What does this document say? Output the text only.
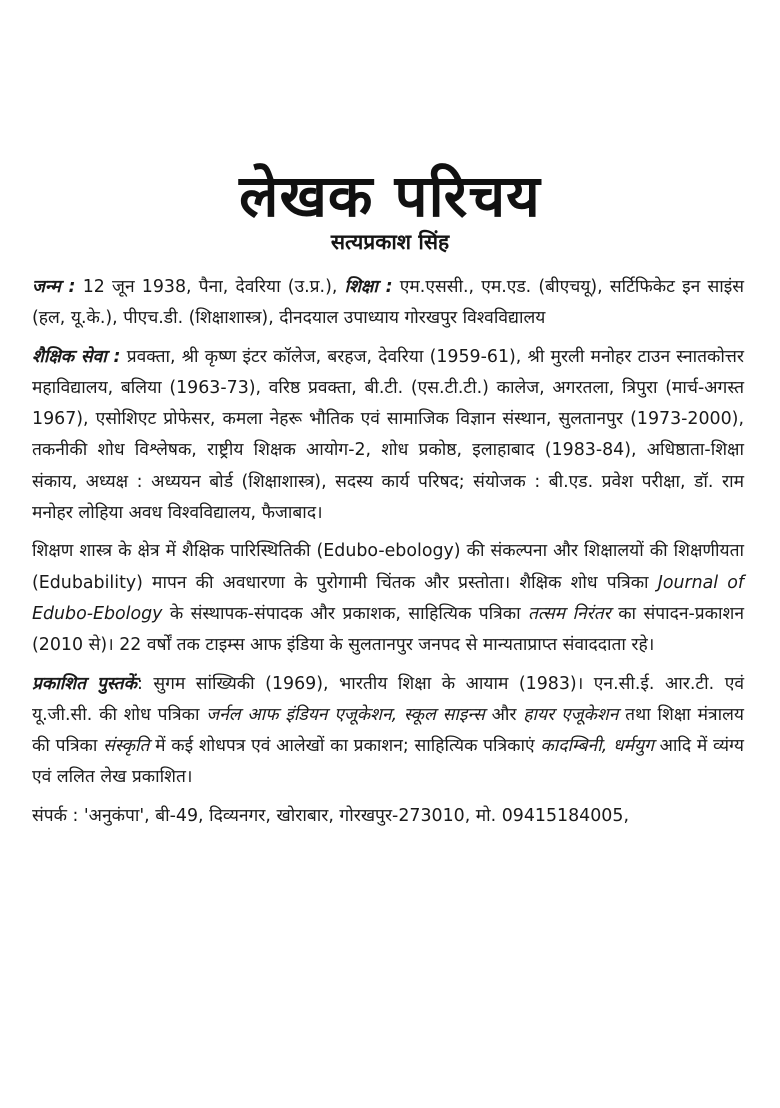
लेखक परिचय
सत्यप्रकाश सिंह

जन्म : 12 जून 1938, पैना, देवरिया (उ.प्र.), शिक्षा : एम.एससी., एम.एड. (बीएचयू), सर्टिफिकेट इन साइंस (हल, यू.के.), पीएच.डी. (शिक्षाशास्त्र), दीनदयाल उपाध्याय गोरखपुर विश्वविद्यालय

शैक्षिक सेवा : प्रवक्ता, श्री कृष्ण इंटर कॉलेज, बरहज, देवरिया (1959-61), श्री मुरली मनोहर टाउन स्नातकोत्तर महाविद्यालय, बलिया (1963-73), वरिष्ठ प्रवक्ता, बी.टी. (एस.टी.टी.) कालेज, अगरतला, त्रिपुरा (मार्च-अगस्त 1967), एसोशिएट प्रोफेसर, कमला नेहरू भौतिक एवं सामाजिक विज्ञान संस्थान, सुलतानपुर (1973-2000), तकनीकी शोध विश्लेषक, राष्ट्रीय शिक्षक आयोग-2, शोध प्रकोष्ठ, इलाहाबाद (1983-84), अधिष्ठाता-शिक्षा संकाय, अध्यक्ष : अध्ययन बोर्ड (शिक्षाशास्त्र), सदस्य कार्य परिषद; संयोजक : बी.एड. प्रवेश परीक्षा, डॉ. राम मनोहर लोहिया अवध विश्वविद्यालय, फैजाबाद।

शिक्षण शास्त्र के क्षेत्र में शैक्षिक पारिस्थितिकी (Edubo-ebology) की संकल्पना और शिक्षालयों की शिक्षणीयता (Edubability) मापन की अवधारणा के पुरोगामी चिंतक और प्रस्तोता। शैक्षिक शोध पत्रिका Journal of Edubo-Ebology के संस्थापक-संपादक और प्रकाशक, साहित्यिक पत्रिका तत्सम निरंतर का संपादन-प्रकाशन (2010 से)। 22 वर्षों तक टाइम्स आफ इंडिया के सुलतानपुर जनपद से मान्यताप्राप्त संवाददाता रहे।

प्रकाशित पुस्तकें: सुगम सांख्यिकी (1969), भारतीय शिक्षा के आयाम (1983)। एन.सी.ई. आर.टी. एवं यू.जी.सी. की शोध पत्रिका जर्नल आफ इंडियन एजूकेशन, स्कूल साइन्स और हायर एजूकेशन तथा शिक्षा मंत्रालय की पत्रिका संस्कृति में कई शोधपत्र एवं आलेखों का प्रकाशन; साहित्यिक पत्रिकाएं कादम्बिनी, धर्मयुग आदि में व्यंग्य एवं ललित लेख प्रकाशित।

संपर्क : 'अनुकंपा', बी-49, दिव्यनगर, खोराबार, गोरखपुर-273010, मो. 09415184005,
